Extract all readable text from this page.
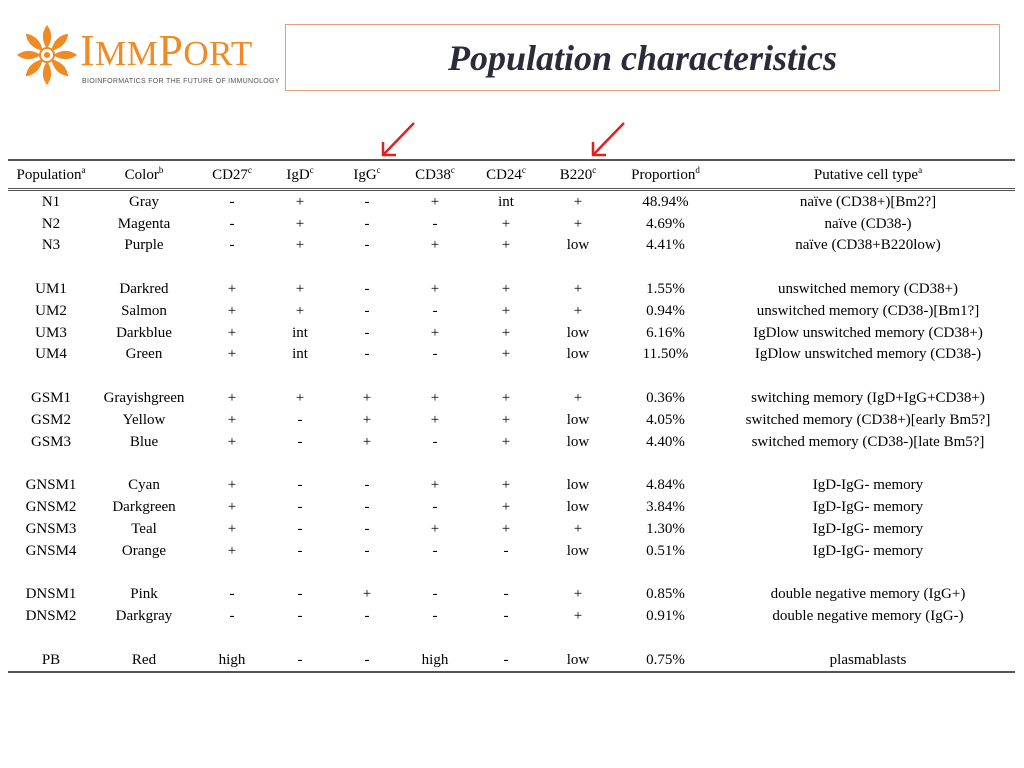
IMMPORT
BIOINFORMATICS FOR THE FUTURE OF IMMUNOLOGY
Population characteristics
Population$^a$	Color$^b$	CD27$^c$	IgD$^c$	IgG$^c$	CD38$^c$	CD24$^c$	B220$^c$	Proportion$^d$	Putative cell type$^a$
N1	Gray	-	+	-	+	int	+	48.94%	naïve (CD38+)[Bm2?]
N2	Magenta	-	+	-	-	+	+	4.69%	naïve (CD38-)
N3	Purple	-	+	-	+	+	low	4.41%	naïve (CD38+B220low)

UM1	Darkred	+	+	-	+	+	+	1.55%	unswitched memory (CD38+)
UM2	Salmon	+	+	-	-	+	+	0.94%	unswitched memory (CD38-)[Bm1?]
UM3	Darkblue	+	int	-	+	+	low	6.16%	IgDlow unswitched memory (CD38+)
UM4	Green	+	int	-	-	+	low	11.50%	IgDlow unswitched memory (CD38-)

GSM1	Grayishgreen	+	+	+	+	+	+	0.36%	switching memory (IgD+IgG+CD38+)
GSM2	Yellow	+	-	+	+	+	low	4.05%	switched memory (CD38+)[early Bm5?]
GSM3	Blue	+	-	+	-	+	low	4.40%	switched memory (CD38-)[late Bm5?]

GNSM1	Cyan	+	-	-	+	+	low	4.84%	IgD-IgG- memory
GNSM2	Darkgreen	+	-	-	-	+	low	3.84%	IgD-IgG- memory
GNSM3	Teal	+	-	-	+	+	+	1.30%	IgD-IgG- memory
GNSM4	Orange	+	-	-	-	-	low	0.51%	IgD-IgG- memory

DNSM1	Pink	-	-	+	-	-	+	0.85%	double negative memory (IgG+)
DNSM2	Darkgray	-	-	-	-	-	+	0.91%	double negative memory (IgG-)

PB	Red	high	-	-	high	-	low	0.75%	plasmablasts
